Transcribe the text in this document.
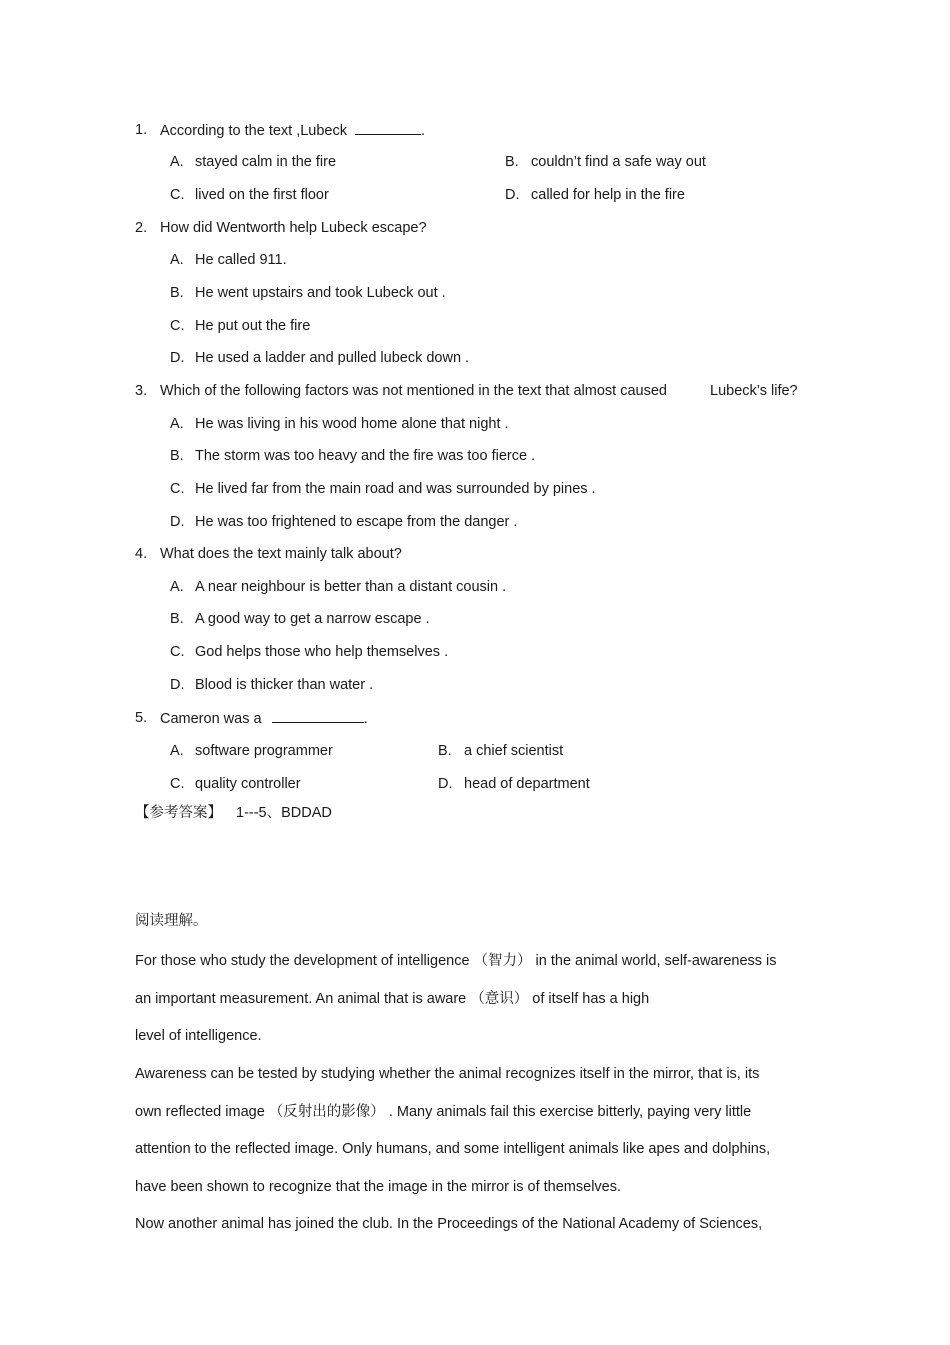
1. According to the text ,Lubeck	.
A. stayed calm in the fire	B. couldn’t find a safe way out
C. lived on the first floor	D. called for help in the fire
2. How did Wentworth help Lubeck escape?
A. He called 911.
B. He went upstairs and took Lubeck out .
C. He put out the fire
D. He used a ladder and pulled lubeck down .
3. Which of the following factors was not mentioned in the text that almost caused	Lubeck’s life?
A. He was living in his wood home alone that night .
B. The storm was too heavy and the fire was too fierce .
C. He lived far from the main road and was surrounded by pines .
D. He was too frightened to escape from the danger .
4. What does the text mainly talk about?
A. A near neighbour is better than a distant cousin .
B. A good way to get a narrow escape .
C. God helps those who help themselves .
D. Blood is thicker than water .
5. Cameron was a	.
A. software programmer	B. a chief scientist
C. quality controller	D. head of department
【参考答案】 1---5、BDDAD
阅读理解。
For those who study the development of intelligence （智力） in the animal world, self-awareness is
an important measurement. An animal that is aware （意识） of itself has a high
level of intelligence.
Awareness can be tested by studying whether the animal recognizes itself in the mirror, that is, its
own reflected image （反射出的影像） . Many animals fail this exercise bitterly, paying very little
attention to the reflected image. Only humans, and some intelligent animals like apes and dolphins,
have been shown to recognize that the image in the mirror is of themselves.
Now another animal has joined the club. In the Proceedings of the National Academy of Sciences,
